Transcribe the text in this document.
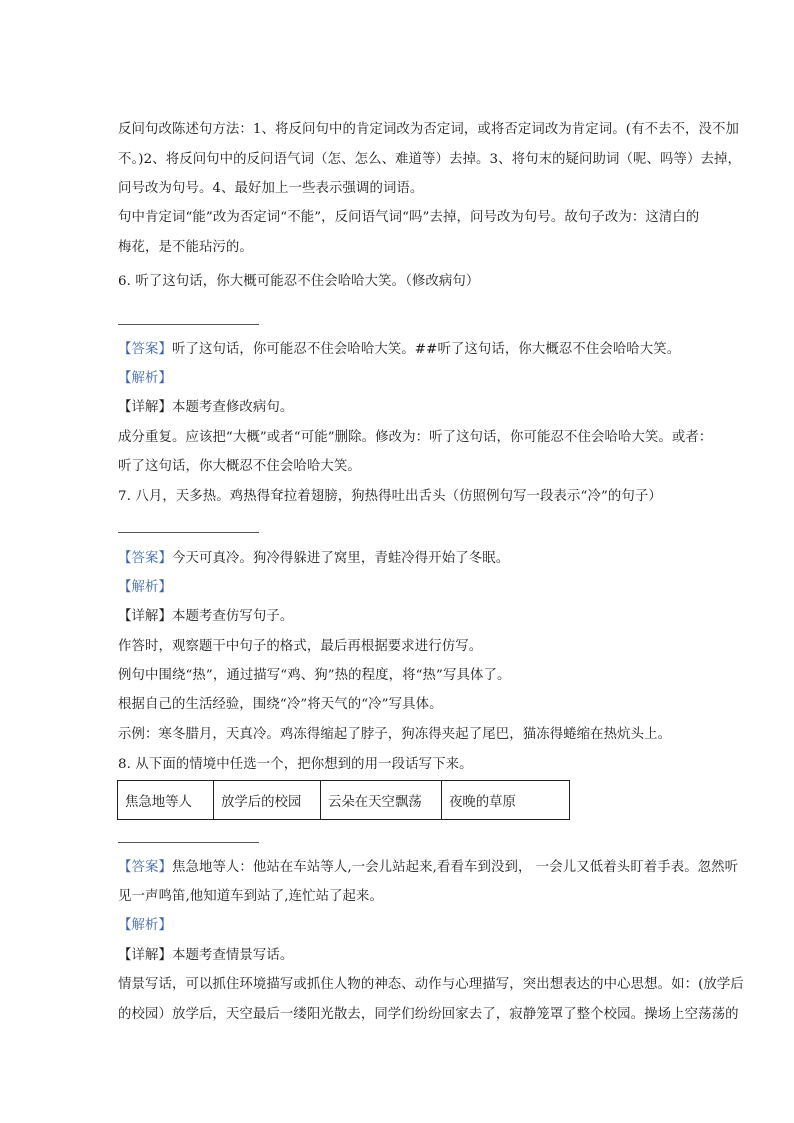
反问句改陈述句方法：1、将反问句中的肯定词改为否定词，或将否定词改为肯定词。(有不去不，没不加
不。)2、将反问句中的反问语气词（怎、怎么、难道等）去掉。3、将句末的疑问助词（呢、吗等）去掉，
问号改为句号。4、最好加上一些表示强调的词语。
句中肯定词“能”改为否定词“不能”，反问语气词“吗”去掉，问号改为句号。故句子改为：这清白的
梅花，是不能玷污的。
6. 听了这句话，你大概可能忍不住会哈哈大笑。（修改病句）
【答案】听了这句话，你可能忍不住会哈哈大笑。##听了这句话，你大概忍不住会哈哈大笑。
【解析】
【详解】本题考查修改病句。
成分重复。应该把“大概”或者“可能”删除。修改为：听了这句话，你可能忍不住会哈哈大笑。或者：
听了这句话，你大概忍不住会哈哈大笑。
7. 八月，天多热。鸡热得耷拉着翅膀，狗热得吐出舌头（仿照例句写一段表示“冷”的句子）
【答案】今天可真冷。狗冷得躲进了窝里，青蛙冷得开始了冬眠。
【解析】
【详解】本题考查仿写句子。
作答时，观察题干中句子的格式，最后再根据要求进行仿写。
例句中围绕“热”，通过描写“鸡、狗”热的程度，将“热”写具体了。
根据自己的生活经验，围绕“冷”将天气的“冷”写具体。
示例：寒冬腊月，天真冷。鸡冻得缩起了脖子，狗冻得夹起了尾巴，猫冻得蜷缩在热炕头上。
8. 从下面的情境中任选一个，把你想到的用一段话写下来。
焦急地等人	放学后的校园	云朵在天空飘荡	夜晚的草原
【答案】焦急地等人：他站在车站等人,一会儿站起来,看看车到没到， 一会儿又低着头盯着手表。忽然听
见一声鸣笛,他知道车到站了,连忙站了起来。
【解析】
【详解】本题考查情景写话。
情景写话，可以抓住环境描写或抓住人物的神态、动作与心理描写，突出想表达的中心思想。如：(放学后
的校园）放学后，天空最后一缕阳光散去，同学们纷纷回家去了，寂静笼罩了整个校园。操场上空荡荡的
